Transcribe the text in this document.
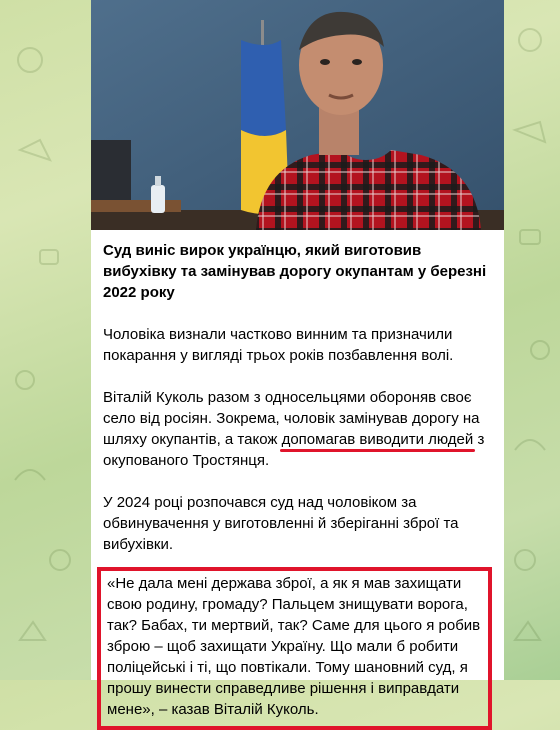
Суд виніс вирок українцю, який виготовив вибухівку та замінував дорогу окупантам у березні 2022 року
Чоловіка визнали частково винним та призначили покарання у вигляді трьох років позбавлення волі.
Віталій Куколь разом з односельцями обороняв своє село від росіян. Зокрема, чоловік замінував дорогу на шляху окупантів, а також допомагав виводити людей з окупованого Тростянця.
У 2024 році розпочався суд над чоловіком за обвинувачення у виготовленні й зберіганні зброї та вибухівки.
«Не дала мені держава зброї, а як я мав захищати свою родину, громаду? Пальцем знищувати ворога, так? Бабах, ти мертвий, так? Саме для цього я робив зброю – щоб захищати Україну. Що мали б робити поліцейські і ті, що повтікали. Тому шановний суд, я прошу винести справедливе рішення і виправдати мене», – казав Віталій Куколь.
